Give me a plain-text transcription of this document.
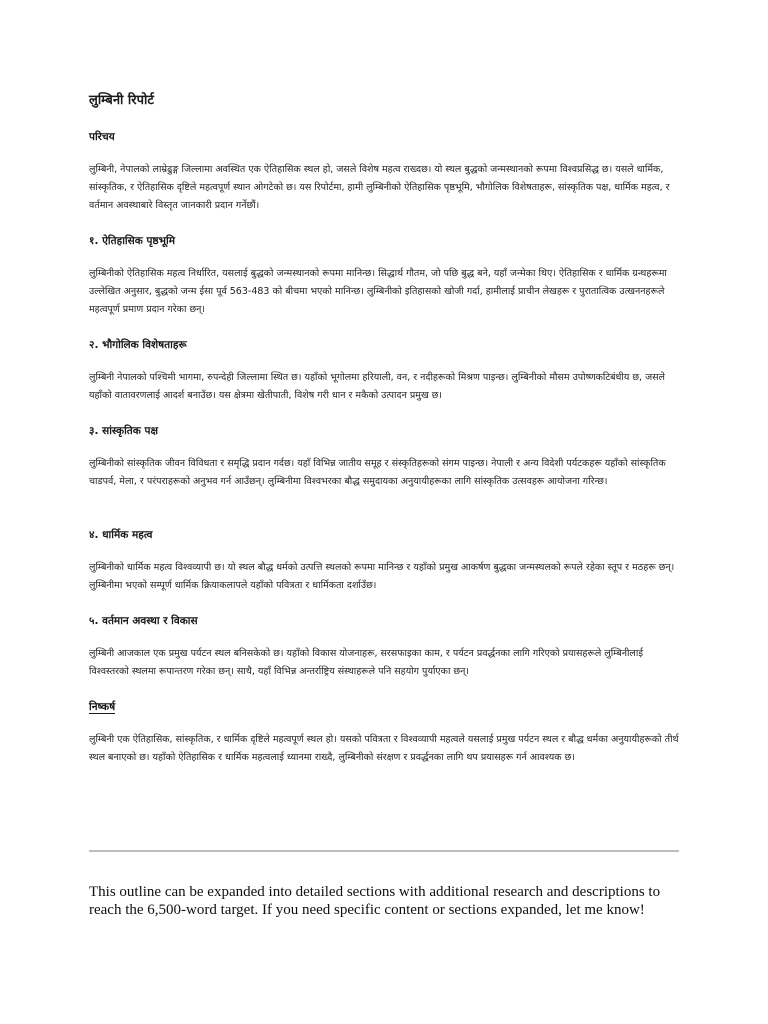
लुम्बिनी रिपोर्ट
परिचय

लुम्बिनी, नेपालको लाम्रेढुङ्ग जिल्लामा अवस्थित एक ऐतिहासिक स्थल हो, जसले विशेष महत्व राख्दछ। यो स्थल बुद्धको जन्मस्थानको रूपमा विश्वप्रसिद्ध छ। यसले धार्मिक, सांस्कृतिक, र ऐतिहासिक दृष्टिले महत्वपूर्ण स्थान ओगटेको छ। यस रिपोर्टमा, हामी लुम्बिनीको ऐतिहासिक पृष्ठभूमि, भौगोलिक विशेषताहरू, सांस्कृतिक पक्ष, धार्मिक महत्व, र वर्तमान अवस्थाबारे विस्तृत जानकारी प्रदान गर्नेछौं।

१. ऐतिहासिक पृष्ठभूमि

लुम्बिनीको ऐतिहासिक महत्व निर्धारित, यसलाई बुद्धको जन्मस्थानको रूपमा मानिन्छ। सिद्धार्थ गौतम, जो पछि बुद्ध बने, यहाँ जन्मेका थिए। ऐतिहासिक र धार्मिक ग्रन्थहरूमा उल्लेखित अनुसार, बुद्धको जन्म ईसा पूर्व 563-483 को बीचमा भएको मानिन्छ। लुम्बिनीको इतिहासको खोजी गर्दा, हामीलाई प्राचीन लेखहरू र पुरातात्विक उत्खननहरूले महत्वपूर्ण प्रमाण प्रदान गरेका छन्।

२. भौगोलिक विशेषताहरू

लुम्बिनी नेपालको पश्चिमी भागमा, रुपन्देही जिल्लामा स्थित छ। यहाँको भूगोलमा हरियाली, वन, र नदीहरूको मिश्रण पाइन्छ। लुम्बिनीको मौसम उपोष्णकटिबंधीय छ, जसले यहाँको वातावरणलाई आदर्श बनाउँछ। यस क्षेत्रमा खेतीपाती, विशेष गरी धान र मकैको उत्पादन प्रमुख छ।

३. सांस्कृतिक पक्ष

लुम्बिनीको सांस्कृतिक जीवन विविधता र समृद्धि प्रदान गर्दछ। यहाँ विभिन्न जातीय समूह र संस्कृतिहरूको संगम पाइन्छ। नेपाली र अन्य विदेशी पर्यटकहरू यहाँको सांस्कृतिक चाडपर्व, मेला, र परंपराहरूको अनुभव गर्न आउँछन्। लुम्बिनीमा विश्वभरका बौद्ध समुदायका अनुयायीहरूका लागि सांस्कृतिक उत्सवहरू आयोजना गरिन्छ।

४. धार्मिक महत्व

लुम्बिनीको धार्मिक महत्व विश्वव्यापी छ। यो स्थल बौद्ध धर्मको उत्पत्ति स्थलको रूपमा मानिन्छ र यहाँको प्रमुख आकर्षण बुद्धका जन्मस्थलको रूपले रहेका स्तूप र मठहरू छन्। लुम्बिनीमा भएको सम्पूर्ण धार्मिक क्रियाकलापले यहाँको पवित्रता र धार्मिकता दर्शाउँछ।

५. वर्तमान अवस्था र विकास

लुम्बिनी आजकाल एक प्रमुख पर्यटन स्थल बनिसकेको छ। यहाँको विकास योजनाहरू, सरसफाइका काम, र पर्यटन प्रवर्द्धनका लागि गरिएको प्रयासहरूले लुम्बिनीलाई विश्वस्तरको स्थलमा रूपान्तरण गरेका छन्। साथै, यहाँ विभिन्न अन्तर्राष्ट्रिय संस्थाहरूले पनि सहयोग पुर्याएका छन्।

निष्कर्ष

लुम्बिनी एक ऐतिहासिक, सांस्कृतिक, र धार्मिक दृष्टिले महत्वपूर्ण स्थल हो। यसको पवित्रता र विश्वव्यापी महत्वले यसलाई प्रमुख पर्यटन स्थल र बौद्ध धर्मका अनुयायीहरूको तीर्थ स्थल बनाएको छ। यहाँको ऐतिहासिक र धार्मिक महत्वलाई ध्यानमा राख्दै, लुम्बिनीको संरक्षण र प्रवर्द्धनका लागि थप प्रयासहरू गर्न आवश्यक छ।

This outline can be expanded into detailed sections with additional research and descriptions to reach the 6,500-word target. If you need specific content or sections expanded, let me know!
